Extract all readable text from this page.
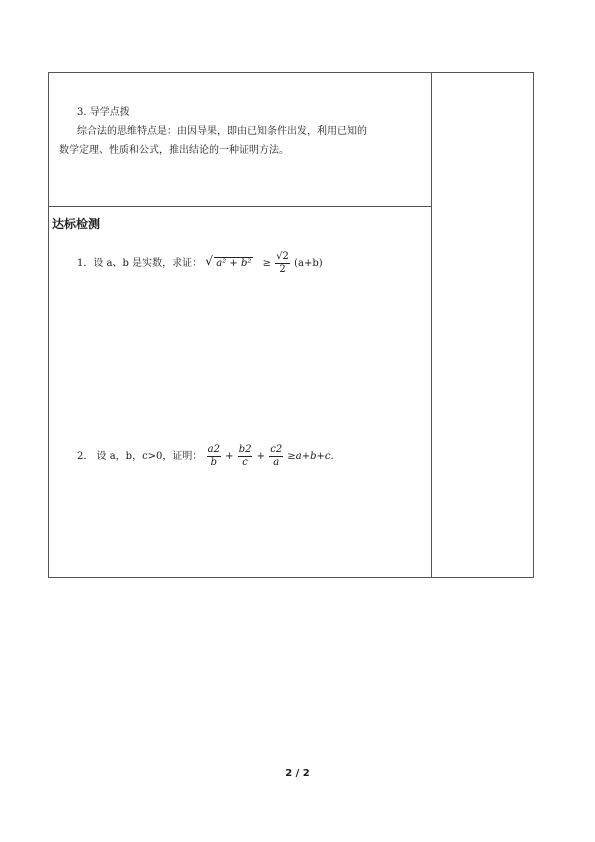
3. 导学点拨
综合法的思维特点是：由因导果，即由已知条件出发，利用已知的
数学定理、性质和公式，推出结论的一种证明方法。
达标检测
1．设 a、b 是实数，求证： √ $a^2 + b^2 \ge \frac{√2}{2} (a+b)$
2． 设 a，b，c>0，证明： $\frac{a2}{b} + \frac{b2}{c} + \frac{c2}{a} \ge a+b+c$.
2 / 2
